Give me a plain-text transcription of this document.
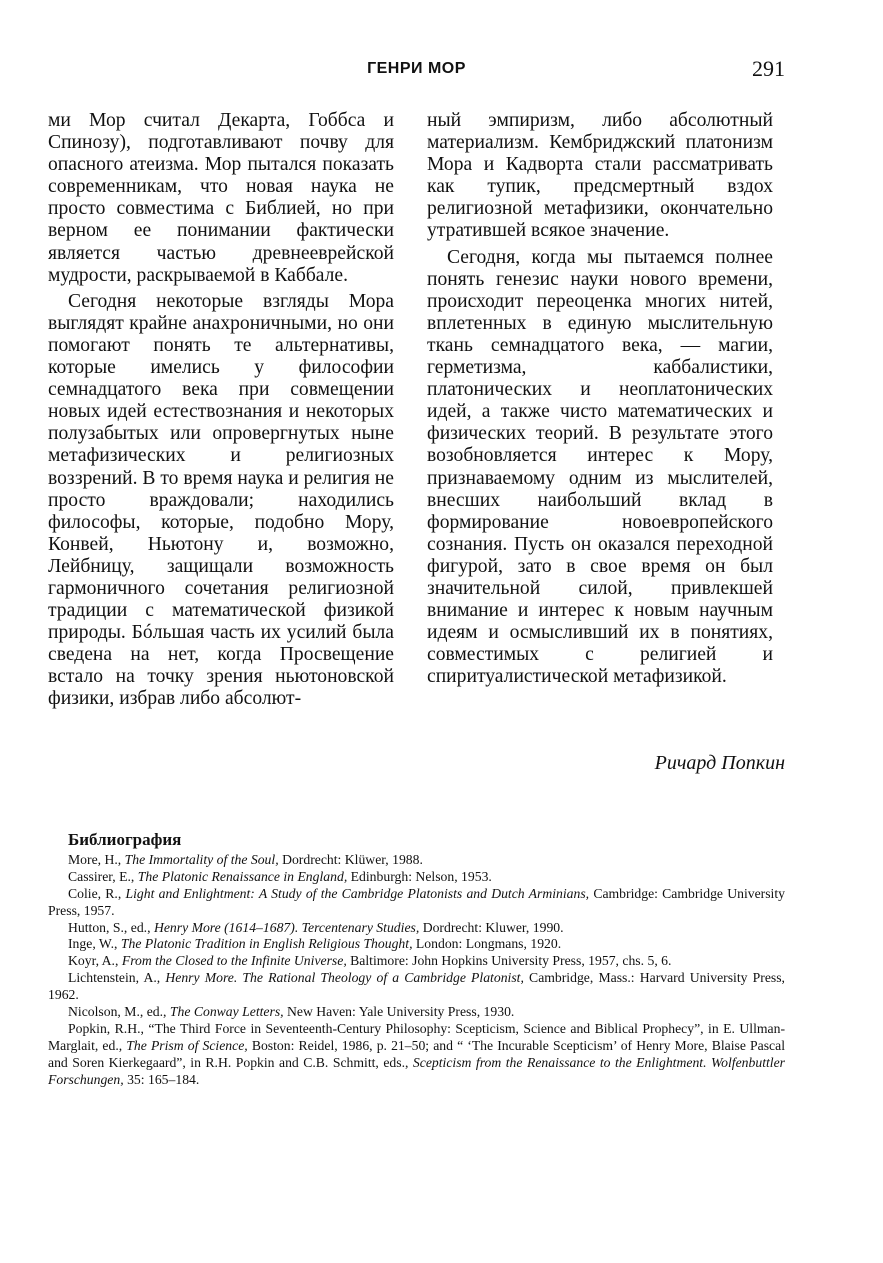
ГЕНРИ МОР	291

ми Мор считал Декарта, Гоббса и Спинозу), подготавливают почву для опасного атеизма. Мор пытался показать современникам, что новая наука не просто совместима с Библией, но при верном ее понимании фактически является частью древнееврейской мудрости, раскрываемой в Каббале.

Сегодня некоторые взгляды Мора выглядят крайне анахроничными, но они помогают понять те альтернативы, которые имелись у философии семнадцатого века при совмещении новых идей естествознания и некоторых полузабытых или опровергнутых ныне метафизических и религиозных воззрений. В то время наука и религия не просто враждовали; находились философы, которые, подобно Мору, Конвей, Ньютону и, возможно, Лейбницу, защищали возможность гармоничного сочетания религиозной традиции с математической физикой природы. Бóльшая часть их усилий была сведена на нет, когда Просвещение встало на точку зрения ньютоновской физики, избрав либо абсолют-

ный эмпиризм, либо абсолютный материализм. Кембриджский платонизм Мора и Кадворта стали рассматривать как тупик, предсмертный вздох религиозной метафизики, окончательно утратившей всякое значение.

Сегодня, когда мы пытаемся полнее понять генезис науки нового времени, происходит переоценка многих нитей, вплетенных в единую мыслительную ткань семнадцатого века, — магии, герметизма, каббалистики, платонических и неоплатонических идей, а также чисто математических и физических теорий. В результате этого возобновляется интерес к Мору, признаваемому одним из мыслителей, внесших наибольший вклад в формирование новоевропейского сознания. Пусть он оказался переходной фигурой, зато в свое время он был значительной силой, привлекшей внимание и интерес к новым научным идеям и осмысливший их в понятиях, совместимых с религией и спиритуалистической метафизикой.

Ричард Попкин
Библиография

More, H., The Immortality of the Soul, Dordrecht: Klüwer, 1988.

Cassirer, E., The Platonic Renaissance in England, Edinburgh: Nelson, 1953.

Colie, R., Light and Enlightment: A Study of the Cambridge Platonists and Dutch Arminians, Cambridge: Cambridge University Press, 1957.

Hutton, S., ed., Henry More (1614–1687). Tercentenary Studies, Dordrecht: Kluwer, 1990.

Inge, W., The Platonic Tradition in English Religious Thought, London: Longmans, 1920.

Koyr, A., From the Closed to the Infinite Universe, Baltimore: John Hopkins University Press, 1957, chs. 5, 6.

Lichtenstein, A., Henry More. The Rational Theology of a Cambridge Platonist, Cambridge, Mass.: Harvard University Press, 1962.

Nicolson, M., ed., The Conway Letters, New Haven: Yale University Press, 1930.

Popkin, R.H., “The Third Force in Seventeenth-Century Philosophy: Scepticism, Science and Biblical Prophecy”, in E. Ullman-Marglait, ed., The Prism of Science, Boston: Reidel, 1986, p. 21–50; and “ ‘The Incurable Scepticism’ of Henry More, Blaise Pascal and Soren Kierkegaard”, in R.H. Popkin and C.B. Schmitt, eds., Scepticism from the Renaissance to the Enlightment. Wolfenbuttler Forschungen, 35: 165–184.
